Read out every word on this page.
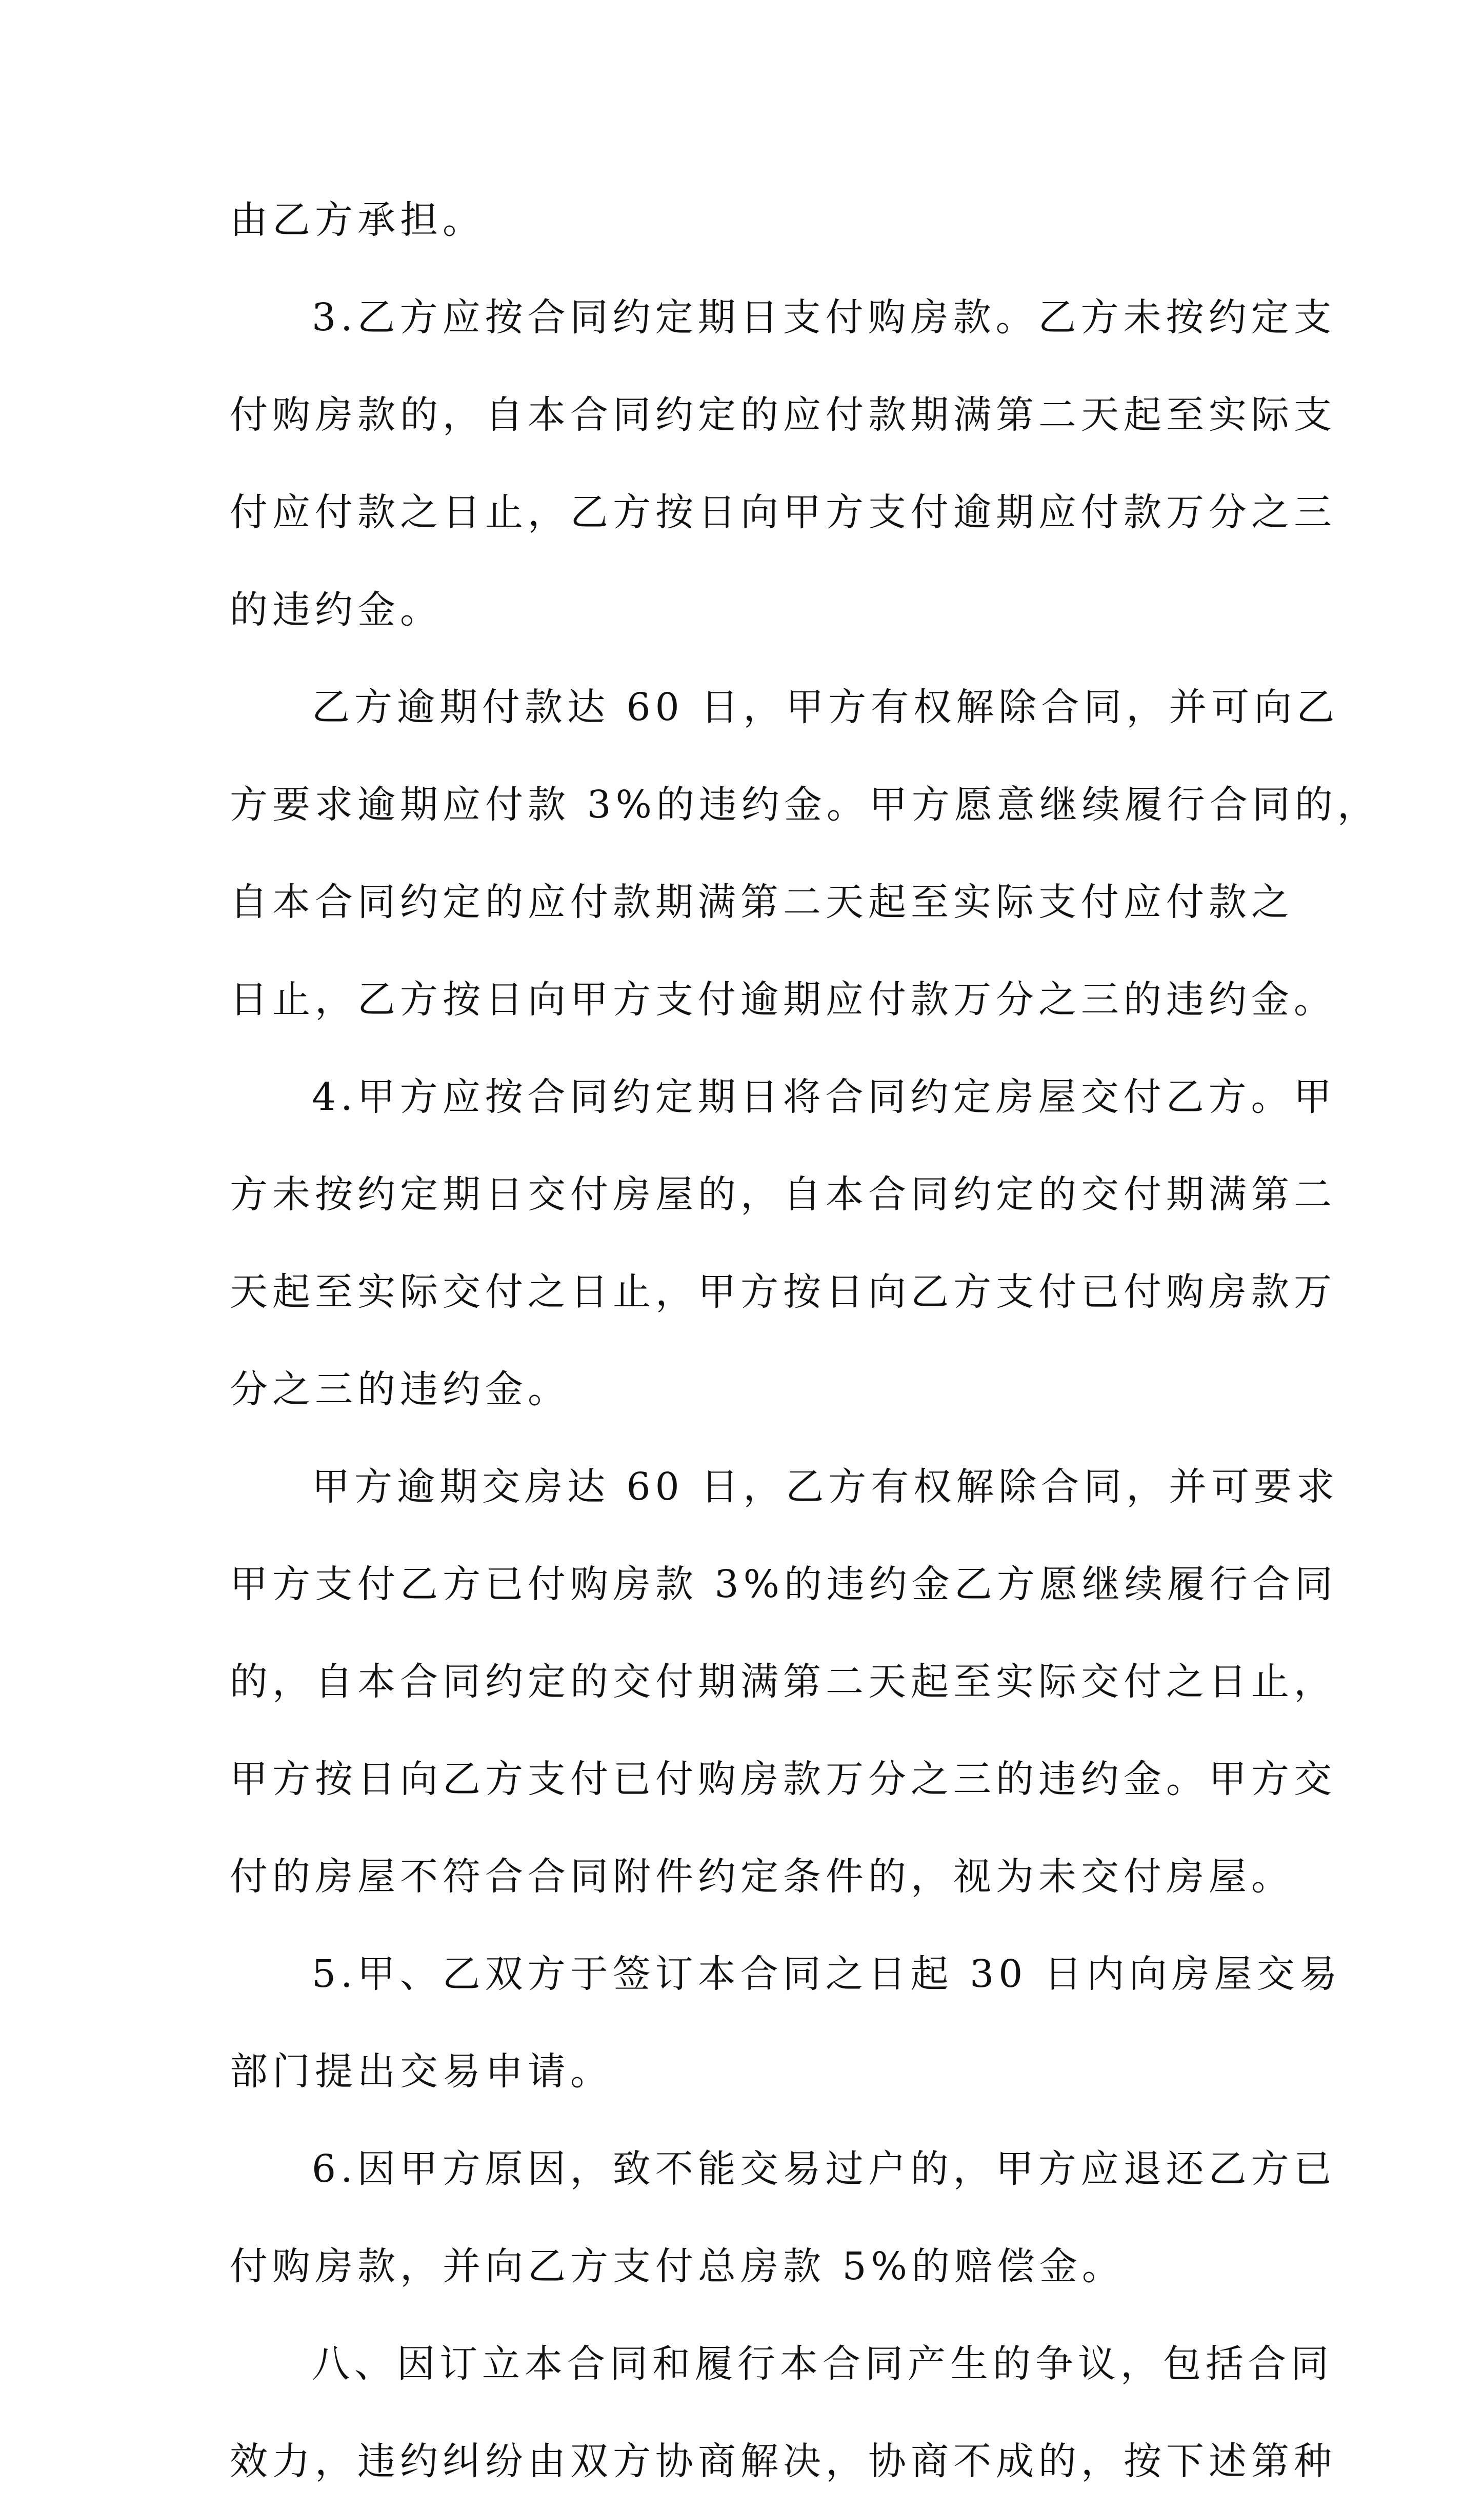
由乙方承担。
3.乙方应按合同约定期日支付购房款。乙方未按约定支
付购房款的，自本合同约定的应付款期满第二天起至实际支
付应付款之日止，乙方按日向甲方支付逾期应付款万分之三
的违约金。
乙方逾期付款达 60 日，甲方有权解除合同，并可向乙
方要求逾期应付款 3%的违约金。甲方愿意继续履行合同的，
自本合同约定的应付款期满第二天起至实际支付应付款之
日止，乙方按日向甲方支付逾期应付款万分之三的违约金。
4.甲方应按合同约定期日将合同约定房屋交付乙方。甲
方未按约定期日交付房屋的，自本合同约定的交付期满第二
天起至实际交付之日止，甲方按日向乙方支付已付购房款万
分之三的违约金。
甲方逾期交房达 60 日，乙方有权解除合同，并可要求
甲方支付乙方已付购房款 3%的违约金乙方愿继续履行合同
的，自本合同约定的交付期满第二天起至实际交付之日止，
甲方按日向乙方支付已付购房款万分之三的违约金。甲方交
付的房屋不符合合同附件约定条件的，视为未交付房屋。
5.甲、乙双方于签订本合同之日起 30 日内向房屋交易
部门提出交易申请。
6.因甲方原因，致不能交易过户的，甲方应退还乙方已
付购房款，并向乙方支付总房款 5%的赔偿金。
八、因订立本合同和履行本合同产生的争议，包括合同
效力，违约纠纷由双方协商解决，协商不成的，按下述第种
